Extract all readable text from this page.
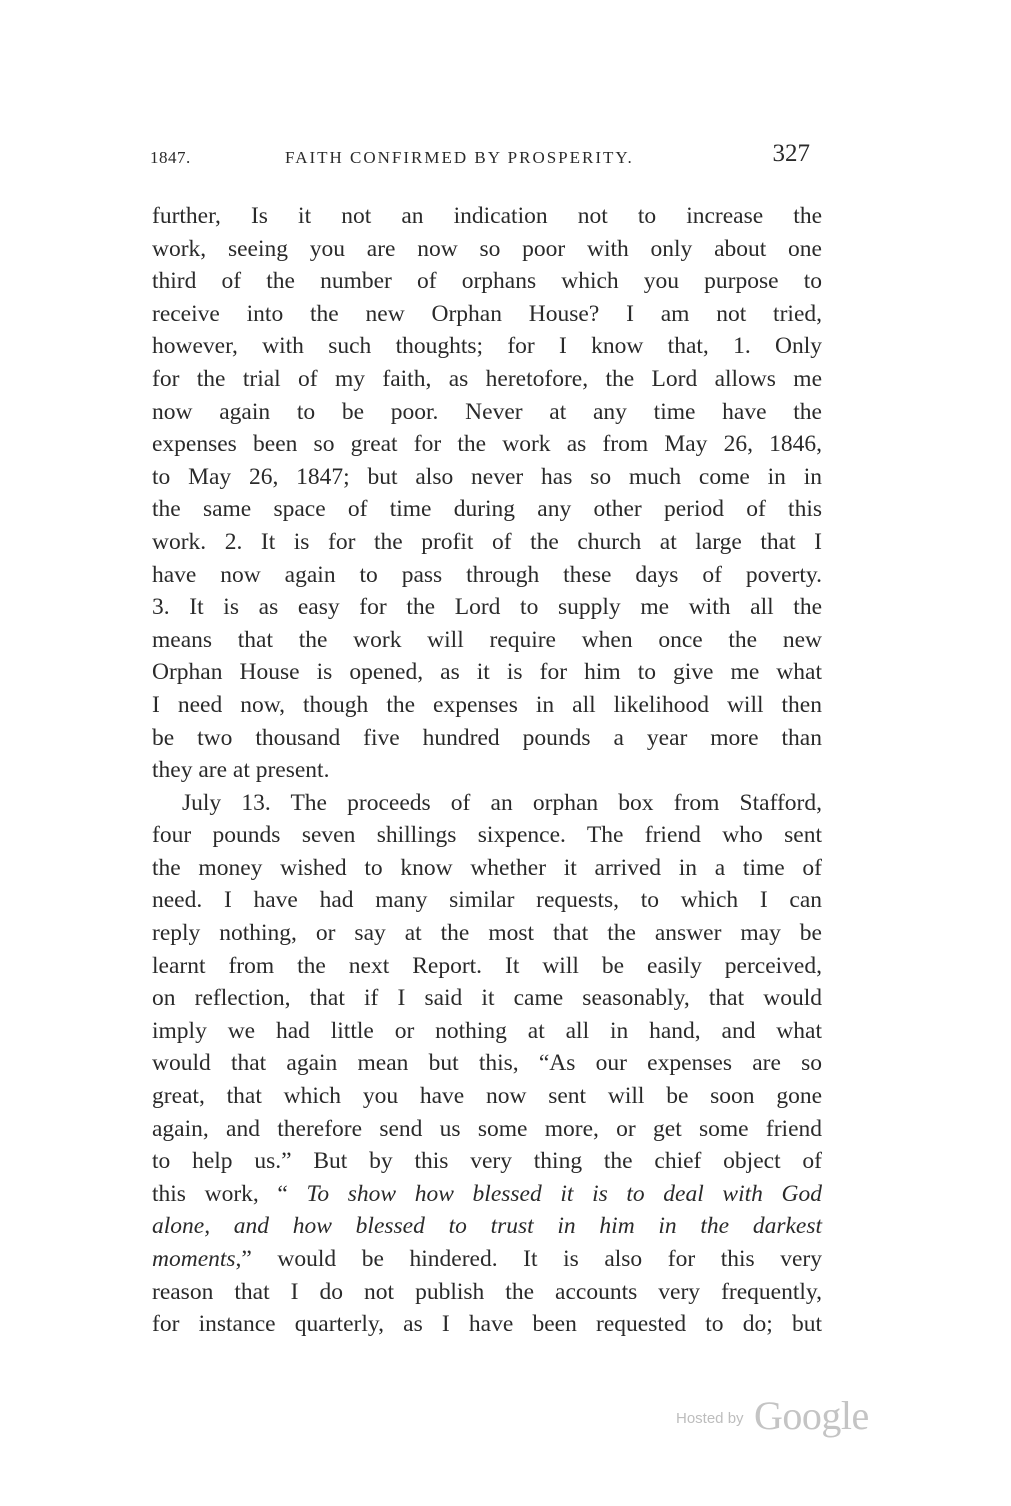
1847.	FAITH CONFIRMED BY PROSPERITY.	327
further, Is it not an indication not to increase the
work, seeing you are now so poor with only about one
third of the number of orphans which you purpose to
receive into the new Orphan House? I am not tried,
however, with such thoughts; for I know that, 1. Only
for the trial of my faith, as heretofore, the Lord allows me
now again to be poor. Never at any time have the
expenses been so great for the work as from May 26, 1846,
to May 26, 1847; but also never has so much come in in
the same space of time during any other period of this
work. 2. It is for the profit of the church at large that I
have now again to pass through these days of poverty.
3. It is as easy for the Lord to supply me with all the
means that the work will require when once the new
Orphan House is opened, as it is for him to give me what
I need now, though the expenses in all likelihood will then
be two thousand five hundred pounds a year more than
they are at present.
July 13. The proceeds of an orphan box from Stafford,
four pounds seven shillings sixpence. The friend who sent
the money wished to know whether it arrived in a time of
need. I have had many similar requests, to which I can
reply nothing, or say at the most that the answer may be
learnt from the next Report. It will be easily perceived,
on reflection, that if I said it came seasonably, that would
imply we had little or nothing at all in hand, and what
would that again mean but this, “As our expenses are so
great, that which you have now sent will be soon gone
again, and therefore send us some more, or get some friend
to help us.” But by this very thing the chief object of
this work, “ To show how blessed it is to deal with God
alone, and how blessed to trust in him in the darkest
moments,” would be hindered. It is also for this very
reason that I do not publish the accounts very frequently,
for instance quarterly, as I have been requested to do; but
Hosted by Google
